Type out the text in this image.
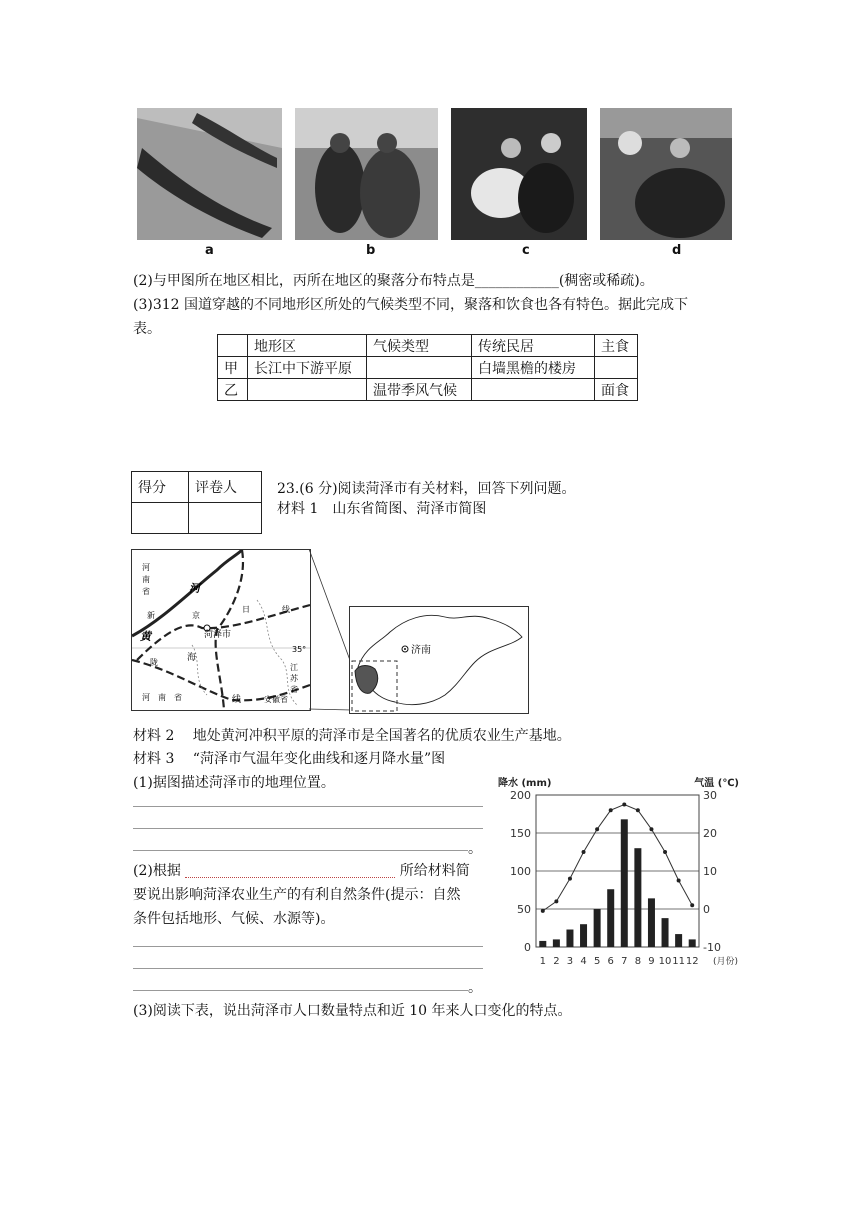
a	b	c	d
(2)与甲图所在地区相比，丙所在地区的聚落分布特点是____________(稠密或稀疏)。
(3)312 国道穿越的不同地形区所处的气候类型不同，聚落和饮食也各有特色。据此完成下
表。
	地形区	气候类型	传统民居	主食
甲	长江中下游平原		白墙黑檐的楼房	
乙		温带季风气候		面食
得分	评卷人
		23.(6 分)阅读菏泽市有关材料，回答下列问题。
材料 1　山东省简图、菏泽市简图
河
南
省	河
新
黄
京
日	线
菏泽市
35°
陇	海
江
苏
省
河　南　省	线	安徽省
济南
材料 2　 地处黄河冲积平原的菏泽市是全国著名的优质农业生产基地。
材料 3　 “菏泽市气温年变化曲线和逐月降水量”图
(1)据图描述菏泽市的地理位置。
。
(2)根据	所给材料简
要说出影响菏泽农业生产的有利自然条件(提示：自然
条件包括地形、气候、水源等)。
。
(3)阅读下表，说出菏泽市人口数量特点和近 10 年来人口变化的特点。
0
50
100
150
200
-10
0
10
20
30
降水 (mm)	气温 (℃)
1 2 3 4 5 6 7 8 9 10 11 12 (月份)
